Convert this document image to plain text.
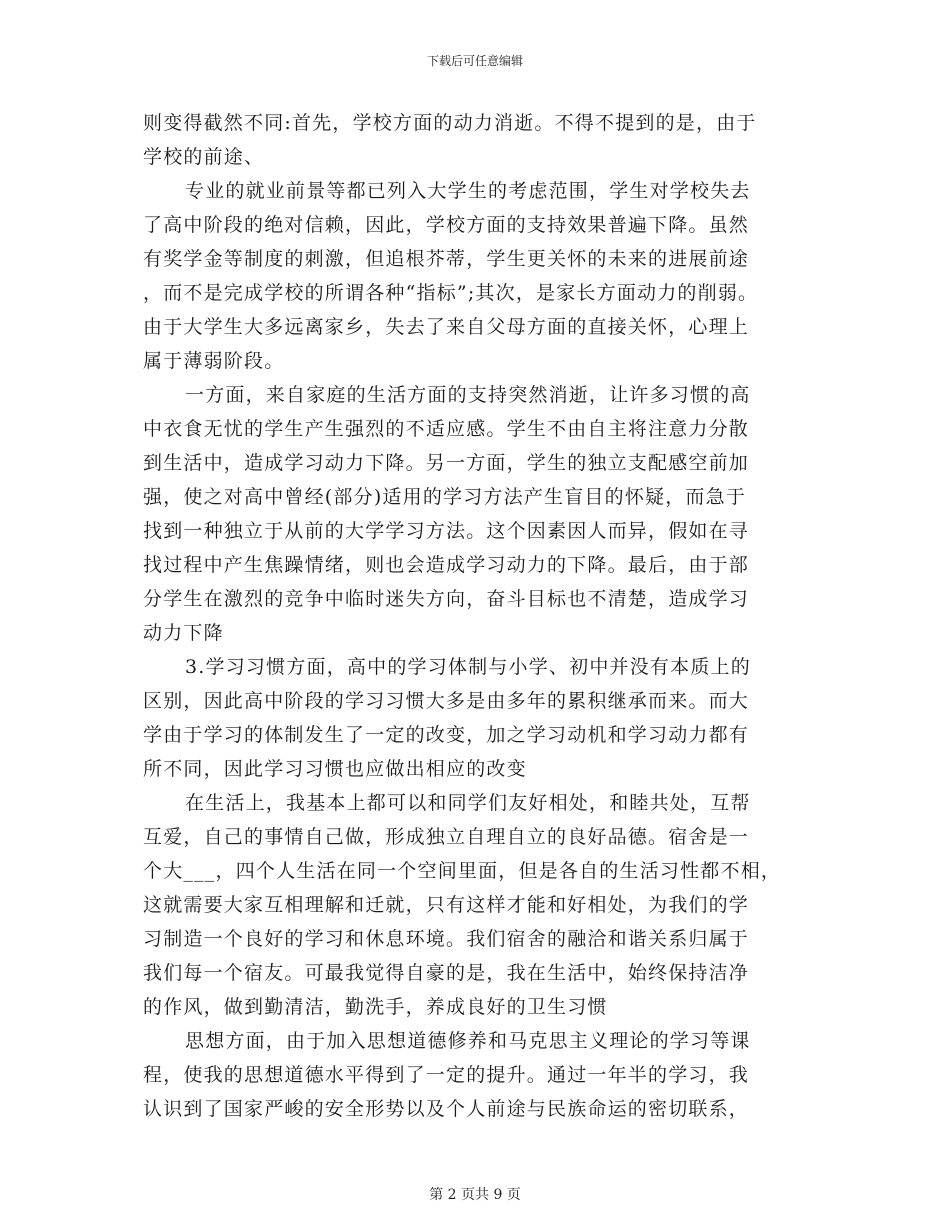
下载后可任意编辑
则变得截然不同:首先，学校方面的动力消逝。不得不提到的是，由于
学校的前途、
专业的就业前景等都已列入大学生的考虑范围，学生对学校失去
了高中阶段的绝对信赖，因此，学校方面的支持效果普遍下降。虽然
有奖学金等制度的刺激，但追根芥蒂，学生更关怀的未来的进展前途
，而不是完成学校的所谓各种“指标”;其次，是家长方面动力的削弱。
由于大学生大多远离家乡，失去了来自父母方面的直接关怀，心理上
属于薄弱阶段。
一方面，来自家庭的生活方面的支持突然消逝，让许多习惯的高
中衣食无忧的学生产生强烈的不适应感。学生不由自主将注意力分散
到生活中，造成学习动力下降。另一方面，学生的独立支配感空前加
强，使之对高中曾经(部分)适用的学习方法产生盲目的怀疑，而急于
找到一种独立于从前的大学学习方法。这个因素因人而异，假如在寻
找过程中产生焦躁情绪，则也会造成学习动力的下降。最后，由于部
分学生在激烈的竞争中临时迷失方向，奋斗目标也不清楚，造成学习
动力下降
3.学习习惯方面，高中的学习体制与小学、初中并没有本质上的
区别，因此高中阶段的学习习惯大多是由多年的累积继承而来。而大
学由于学习的体制发生了一定的改变，加之学习动机和学习动力都有
所不同，因此学习习惯也应做出相应的改变
在生活上，我基本上都可以和同学们友好相处，和睦共处，互帮
互爱，自己的事情自己做，形成独立自理自立的良好品德。宿舍是一
个大___，四个人生活在同一个空间里面，但是各自的生活习性都不相，
这就需要大家互相理解和迁就，只有这样才能和好相处，为我们的学
习制造一个良好的学习和休息环境。我们宿舍的融洽和谐关系归属于
我们每一个宿友。可最我觉得自豪的是，我在生活中，始终保持洁净
的作风，做到勤清洁，勤洗手，养成良好的卫生习惯
思想方面，由于加入思想道德修养和马克思主义理论的学习等课
程，使我的思想道德水平得到了一定的提升。通过一年半的学习，我
认识到了国家严峻的安全形势以及个人前途与民族命运的密切联系，
第 2 页共 9 页
